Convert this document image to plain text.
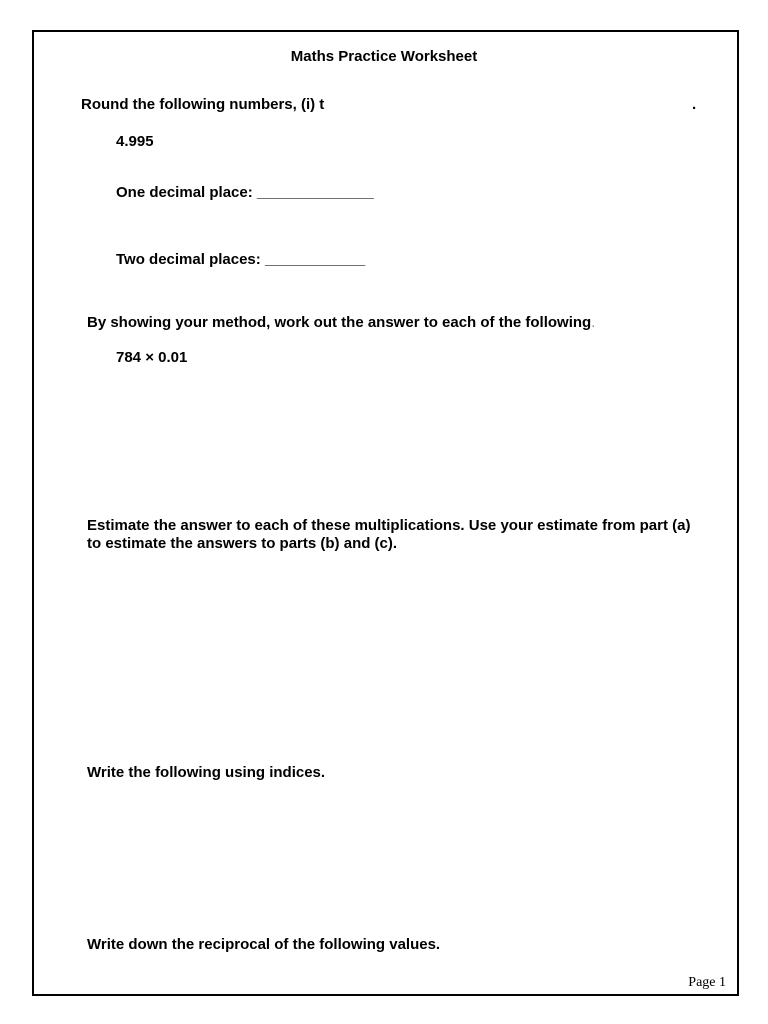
Maths Practice Worksheet
Round the following numbers, (i) t	.
4.995
One decimal place: ______________
Two decimal places: ____________
By showing your method, work out the answer to each of the following.
784 × 0.01
Estimate the answer to each of these multiplications. Use your estimate from part (a)
to estimate the answers to parts (b) and (c).
Write the following using indices.
Write down the reciprocal of the following values.
Page 1
